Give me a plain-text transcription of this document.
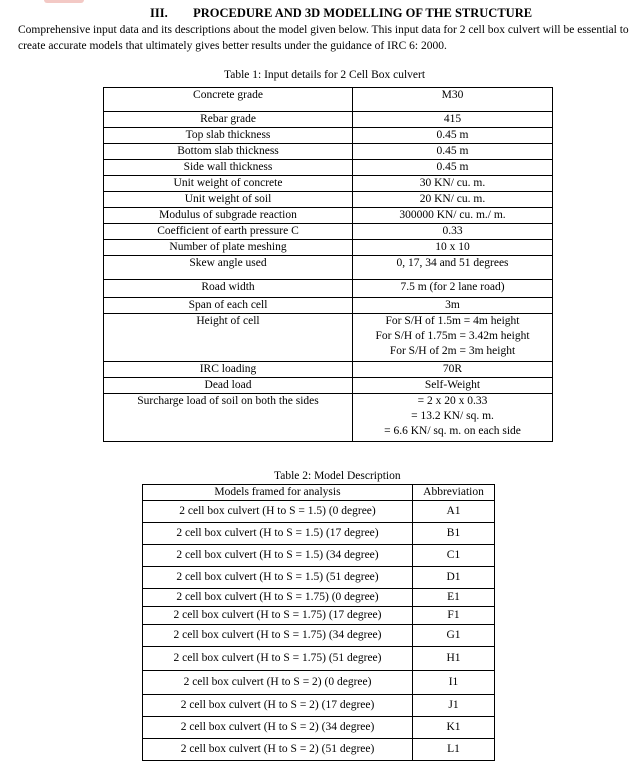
III. PROCEDURE AND 3D MODELLING OF THE STRUCTURE
Comprehensive input data and its descriptions about the model given below. This input data for 2 cell box culvert will be essential to create accurate models that ultimately gives better results under the guidance of IRC 6: 2000.
Table 1: Input details for 2 Cell Box culvert
Concrete grade	M30
Rebar grade	415
Top slab thickness	0.45 m
Bottom slab thickness	0.45 m
Side wall thickness	0.45 m
Unit weight of concrete	30 KN/ cu. m.
Unit weight of soil	20 KN/ cu. m.
Modulus of subgrade reaction	300000 KN/ cu. m./ m.
Coefficient of earth pressure C	0.33
Number of plate meshing	10 x 10
Skew angle used	0, 17, 34 and 51 degrees
Road width	7.5 m (for 2 lane road)
Span of each cell	3m
Height of cell	For S/H of 1.5m = 4m height
For S/H of 1.75m = 3.42m height
For S/H of 2m = 3m height

IRC loading	70R
Dead load	Self-Weight
Surcharge load of soil on both the sides	= 2 x 20 x 0.33
= 13.2 KN/ sq. m.
= 6.6 KN/ sq. m. on each side
Table 2: Model Description
Models framed for analysis	Abbreviation
2 cell box culvert (H to S = 1.5) (0 degree)	A1
2 cell box culvert (H to S = 1.5) (17 degree)	B1
2 cell box culvert (H to S = 1.5) (34 degree)	C1
2 cell box culvert (H to S = 1.5) (51 degree)	D1
2 cell box culvert (H to S = 1.75) (0 degree)	E1
2 cell box culvert (H to S = 1.75) (17 degree)	F1
2 cell box culvert (H to S = 1.75) (34 degree)	G1
2 cell box culvert (H to S = 1.75) (51 degree)	H1
2 cell box culvert (H to S = 2) (0 degree)	I1
2 cell box culvert (H to S = 2) (17 degree)	J1
2 cell box culvert (H to S = 2) (34 degree)	K1
2 cell box culvert (H to S = 2) (51 degree)	L1
